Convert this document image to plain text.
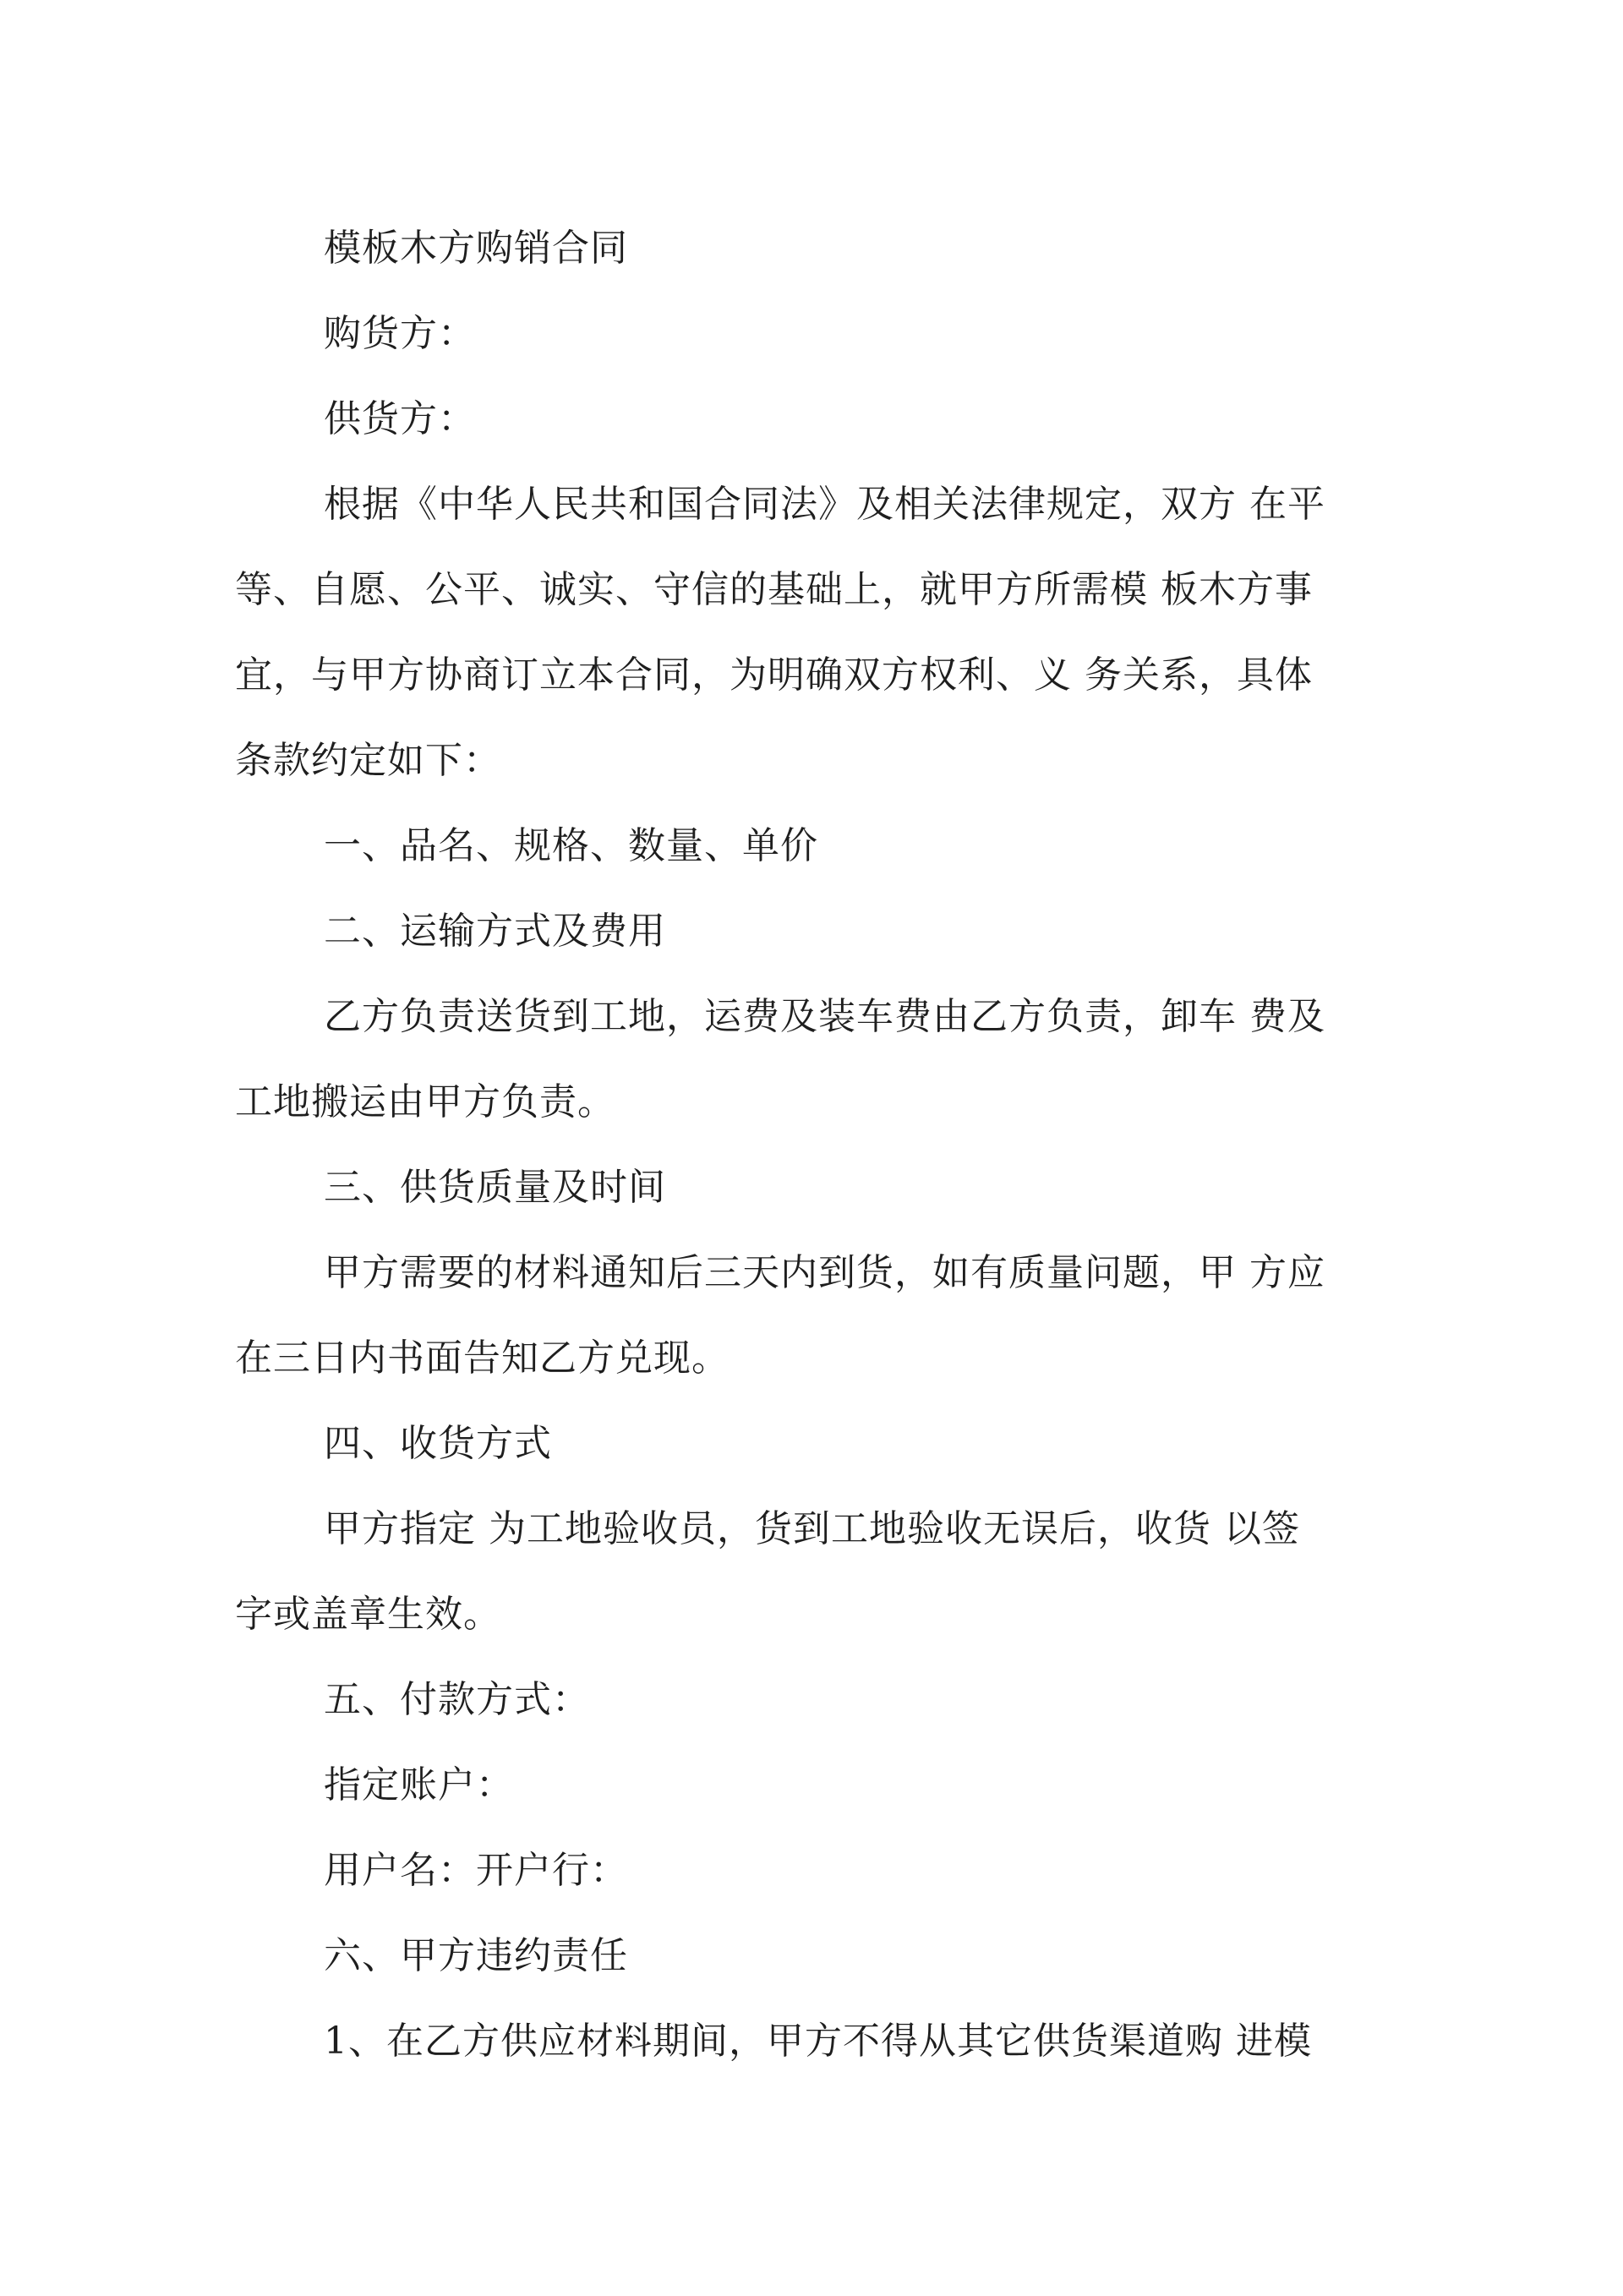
模板木方购销合同

购货方：

供货方：

根据《中华人民共和国合同法》及相关法律规定，双方 在平

等、自愿、公平、诚实、守信的基础上，就甲方所需模 板木方事

宜，与甲方协商订立本合同，为明确双方权利、义 务关系，具体

条款约定如下：

一、品名、规格、数量、单价

二、运输方式及费用

乙方负责送货到工地，运费及装车费由乙方负责，卸车 费及

工地搬运由甲方负责。

三、供货质量及时间

甲方需要的材料通知后三天内到货，如有质量问题，甲 方应

在三日内书面告知乙方兑现。

四、收货方式

甲方指定 为工地验收员，货到工地验收无误后，收货 以签

字或盖章生效。

五、付款方式：

指定账户：

用户名：开户行：

六、甲方违约责任

1、在乙方供应材料期间，甲方不得从其它供货渠道购 进模
